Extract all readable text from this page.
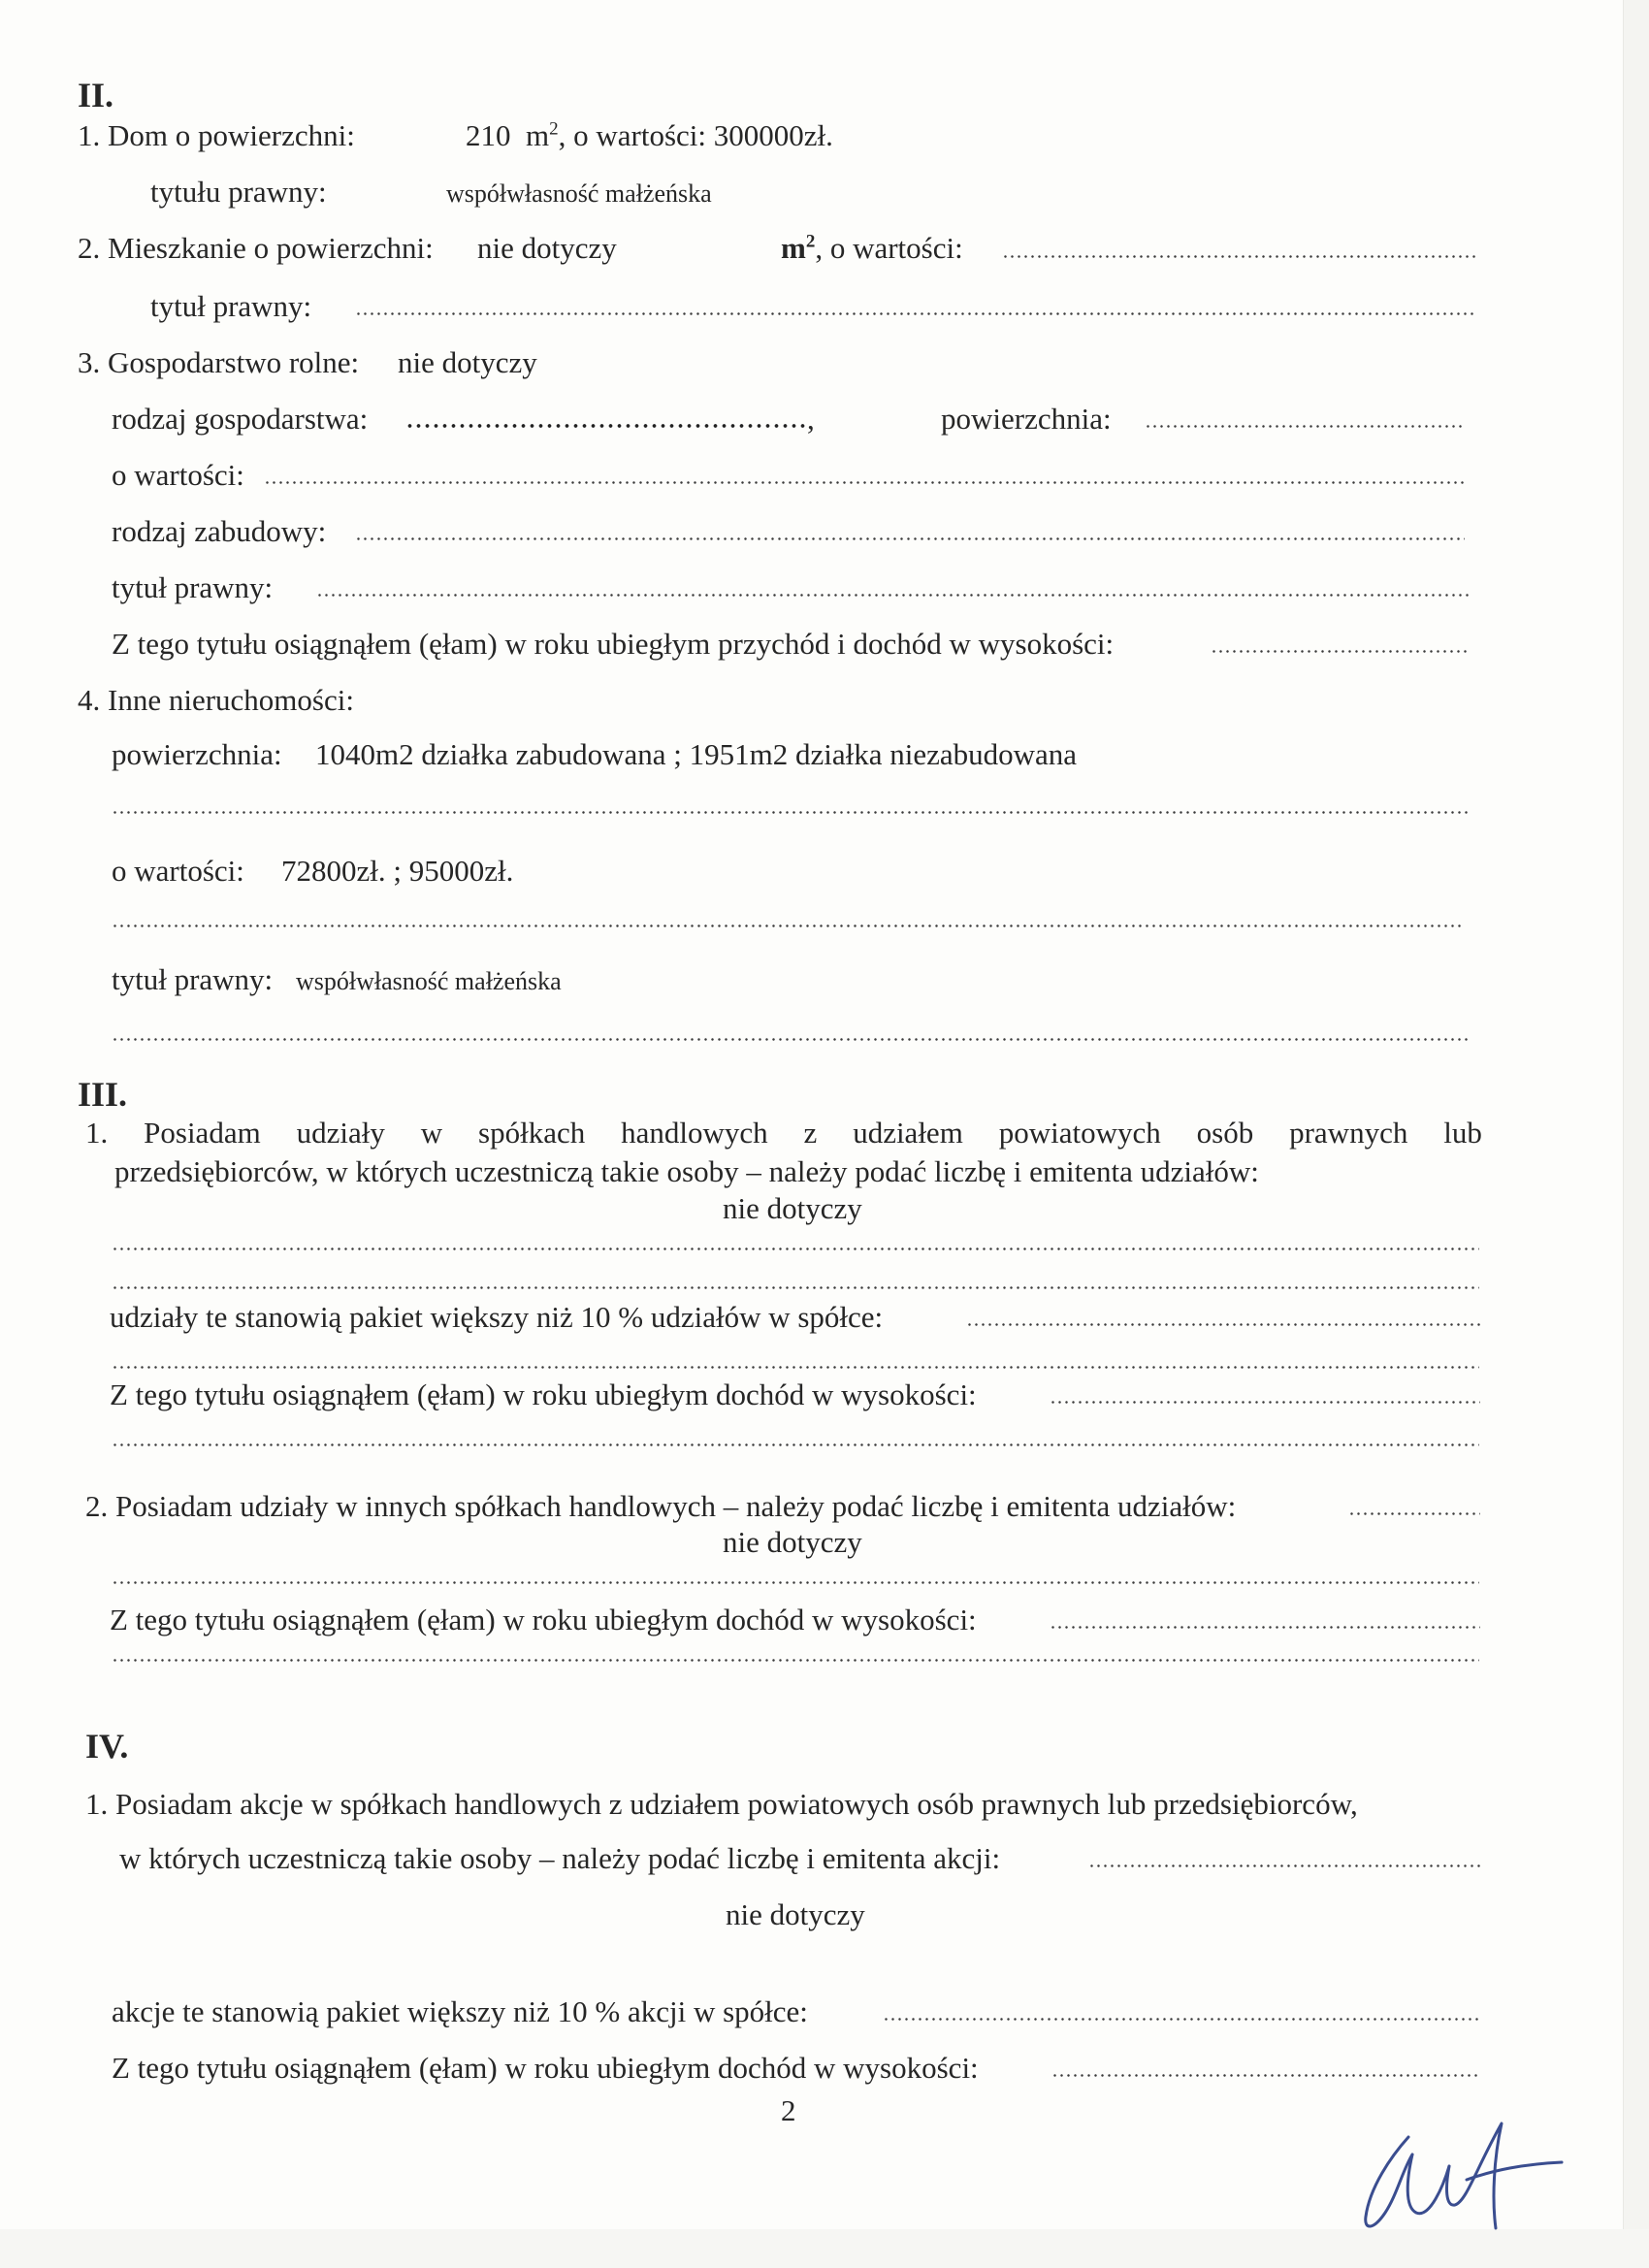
II.
1. Dom o powierzchni:	210 $m^2$, o wartości: 300000zł.
tytułu prawny:	współwłasność małżeńska
2. Mieszkanie o powierzchni: nie dotyczy	$m^2$, o wartości:
tytuł prawny:
3. Gospodarstwo rolne: nie dotyczy
rodzaj gospodarstwa:	,	powierzchnia:
o wartości:
rodzaj zabudowy:
tytuł prawny:
Z tego tytułu osiągnąłem (ęłam) w roku ubiegłym przychód i dochód w wysokości:
4. Inne nieruchomości:
powierzchnia: 1040m2 działka zabudowana ; 1951m2 działka niezabudowana
o wartości: 72800zł. ; 95000zł.
tytuł prawny: współwłasność małżeńska
III.
1. Posiadam udziały w spółkach handlowych z udziałem powiatowych osób prawnych lub
przedsiębiorców, w których uczestniczą takie osoby – należy podać liczbę i emitenta udziałów:
nie dotyczy
udziały te stanowią pakiet większy niż 10 % udziałów w spółce:
Z tego tytułu osiągnąłem (ęłam) w roku ubiegłym dochód w wysokości:
2. Posiadam udziały w innych spółkach handlowych – należy podać liczbę i emitenta udziałów:
nie dotyczy
Z tego tytułu osiągnąłem (ęłam) w roku ubiegłym dochód w wysokości:
IV.
1. Posiadam akcje w spółkach handlowych z udziałem powiatowych osób prawnych lub przedsiębiorców,
w których uczestniczą takie osoby – należy podać liczbę i emitenta akcji:
nie dotyczy
akcje te stanowią pakiet większy niż 10 % akcji w spółce:
Z tego tytułu osiągnąłem (ęłam) w roku ubiegłym dochód w wysokości:
2
